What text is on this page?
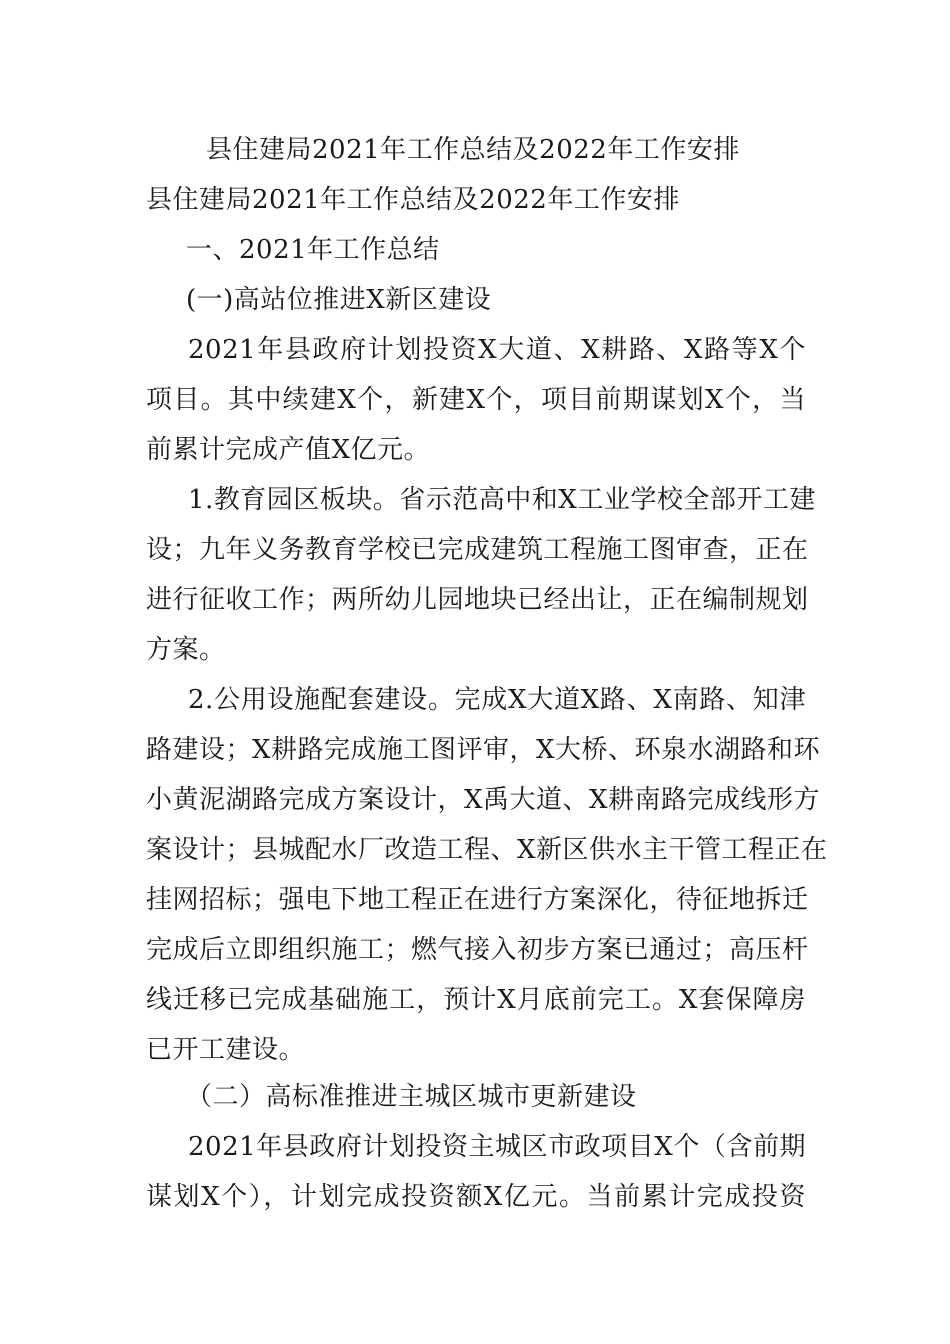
县住建局2021年工作总结及2022年工作安排
县住建局2021年工作总结及2022年工作安排
一、2021年工作总结
(一)高站位推进X新区建设
2021年县政府计划投资X大道、X耕路、X路等X个
项目。其中续建X个，新建X个，项目前期谋划X个，当
前累计完成产值X亿元。
1.教育园区板块。省示范高中和X工业学校全部开工建
设；九年义务教育学校已完成建筑工程施工图审查，正在
进行征收工作；两所幼儿园地块已经出让，正在编制规划
方案。
2.公用设施配套建设。完成X大道X路、X南路、知津
路建设；X耕路完成施工图评审，X大桥、环泉水湖路和环
小黄泥湖路完成方案设计，X禹大道、X耕南路完成线形方
案设计；县城配水厂改造工程、X新区供水主干管工程正在
挂网招标；强电下地工程正在进行方案深化，待征地拆迁
完成后立即组织施工；燃气接入初步方案已通过；高压杆
线迁移已完成基础施工，预计X月底前完工。X套保障房
已开工建设。
（二）高标准推进主城区城市更新建设
2021年县政府计划投资主城区市政项目X个（含前期
谋划X个），计划完成投资额X亿元。当前累计完成投资
